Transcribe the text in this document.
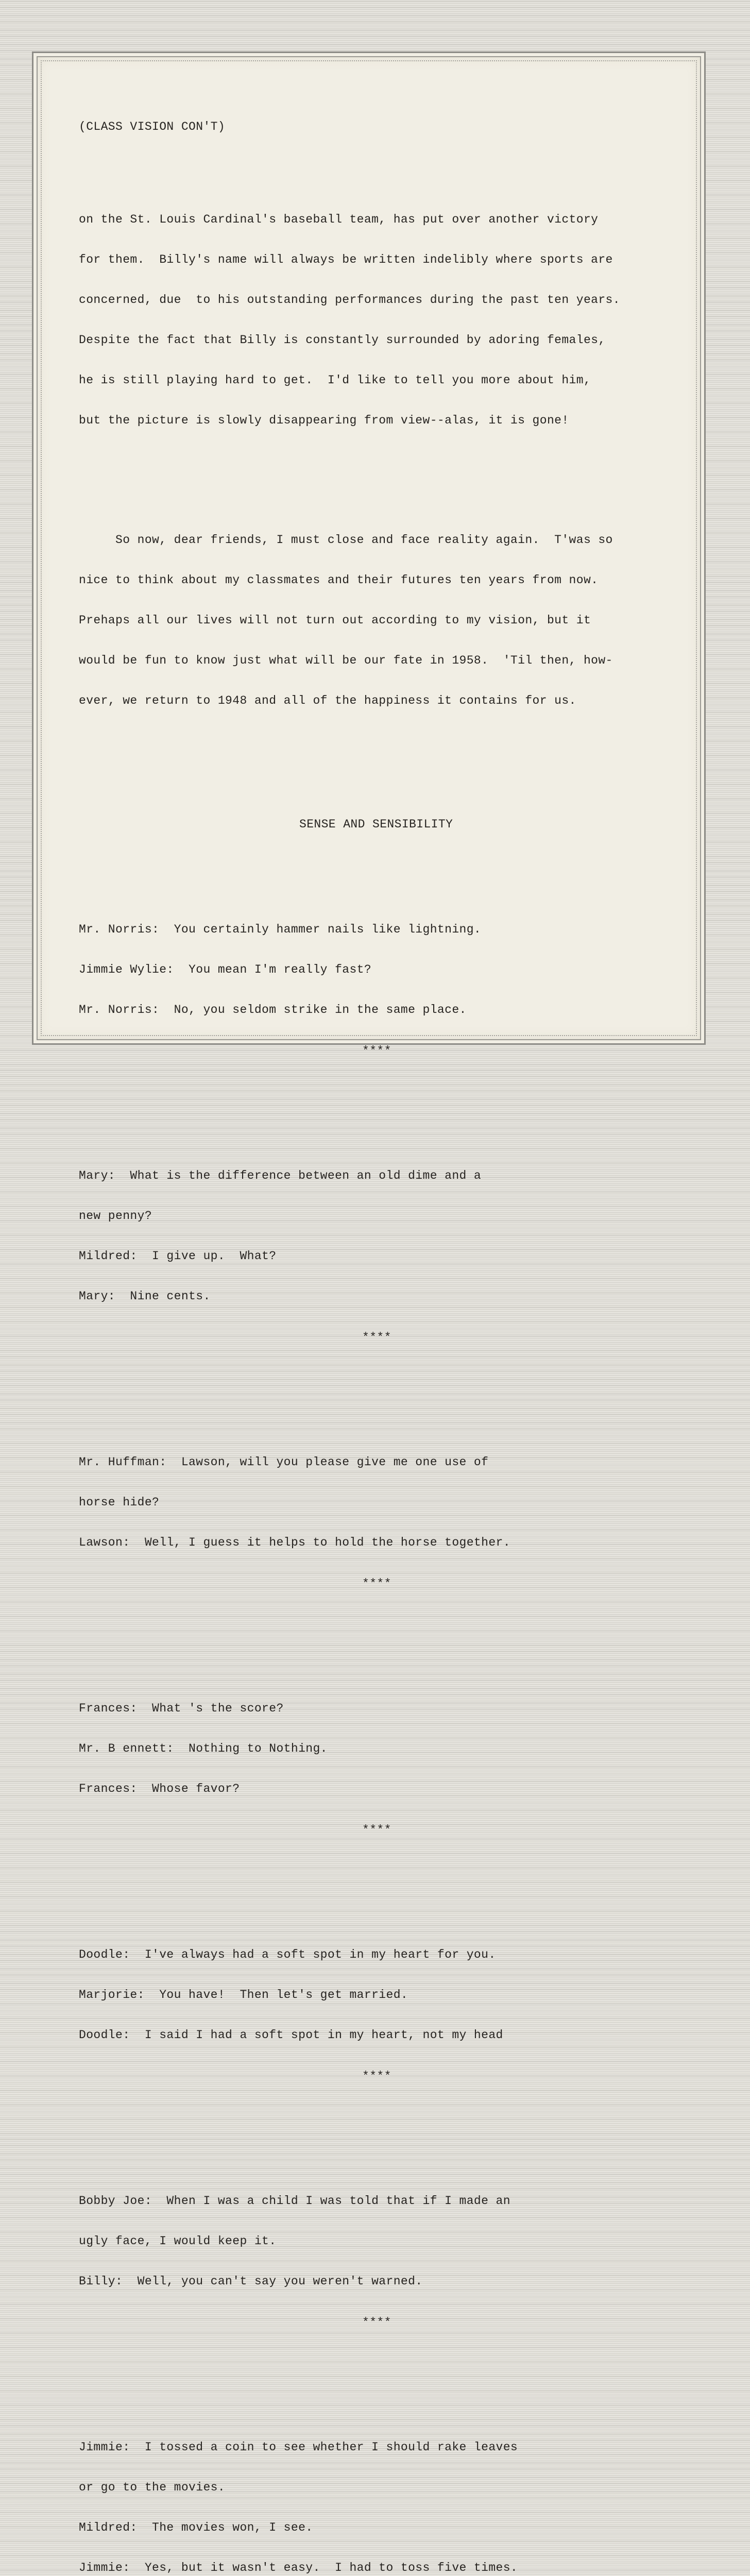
(CLASS VISION CON'T)

on the St. Louis Cardinal's baseball team, has put over another victory

for them.  Billy's name will always be written indelibly where sports are

concerned, due  to his outstanding performances during the past ten years.

Despite the fact that Billy is constantly surrounded by adoring females,

he is still playing hard to get.  I'd like to tell you more about him,

but the picture is slowly disappearing from view--alas, it is gone!

So now, dear friends, I must close and face reality again.  T'was so

nice to think about my classmates and their futures ten years from now.

Prehaps all our lives will not turn out according to my vision, but it

would be fun to know just what will be our fate in 1958.  'Til then, how-

ever, we return to 1948 and all of the happiness it contains for us.

SENSE AND SENSIBILITY

Mr. Norris:  You certainly hammer nails like lightning.

Jimmie Wylie:  You mean I'm really fast?

Mr. Norris:  No, you seldom strike in the same place.

****

Mary:  What is the difference between an old dime and a

new penny?

Mildred:  I give up.  What?

Mary:  Nine cents.

****

Mr. Huffman:  Lawson, will you please give me one use of

horse hide?

Lawson:  Well, I guess it helps to hold the horse together.

****

Frances:  What 's the score?

Mr. B ennett:  Nothing to Nothing.

Frances:  Whose favor?

****

Doodle:  I've always had a soft spot in my heart for you.

Marjorie:  You have!  Then let's get married.

Doodle:  I said I had a soft spot in my heart, not my head

****

Bobby Joe:  When I was a child I was told that if I made an

ugly face, I would keep it.

Billy:  Well, you can't say you weren't warned.

****

Jimmie:  I tossed a coin to see whether I should rake leaves

or go to the movies.

Mildred:  The movies won, I see.

Jimmie:  Yes, but it wasn't easy.  I had to toss five times.
